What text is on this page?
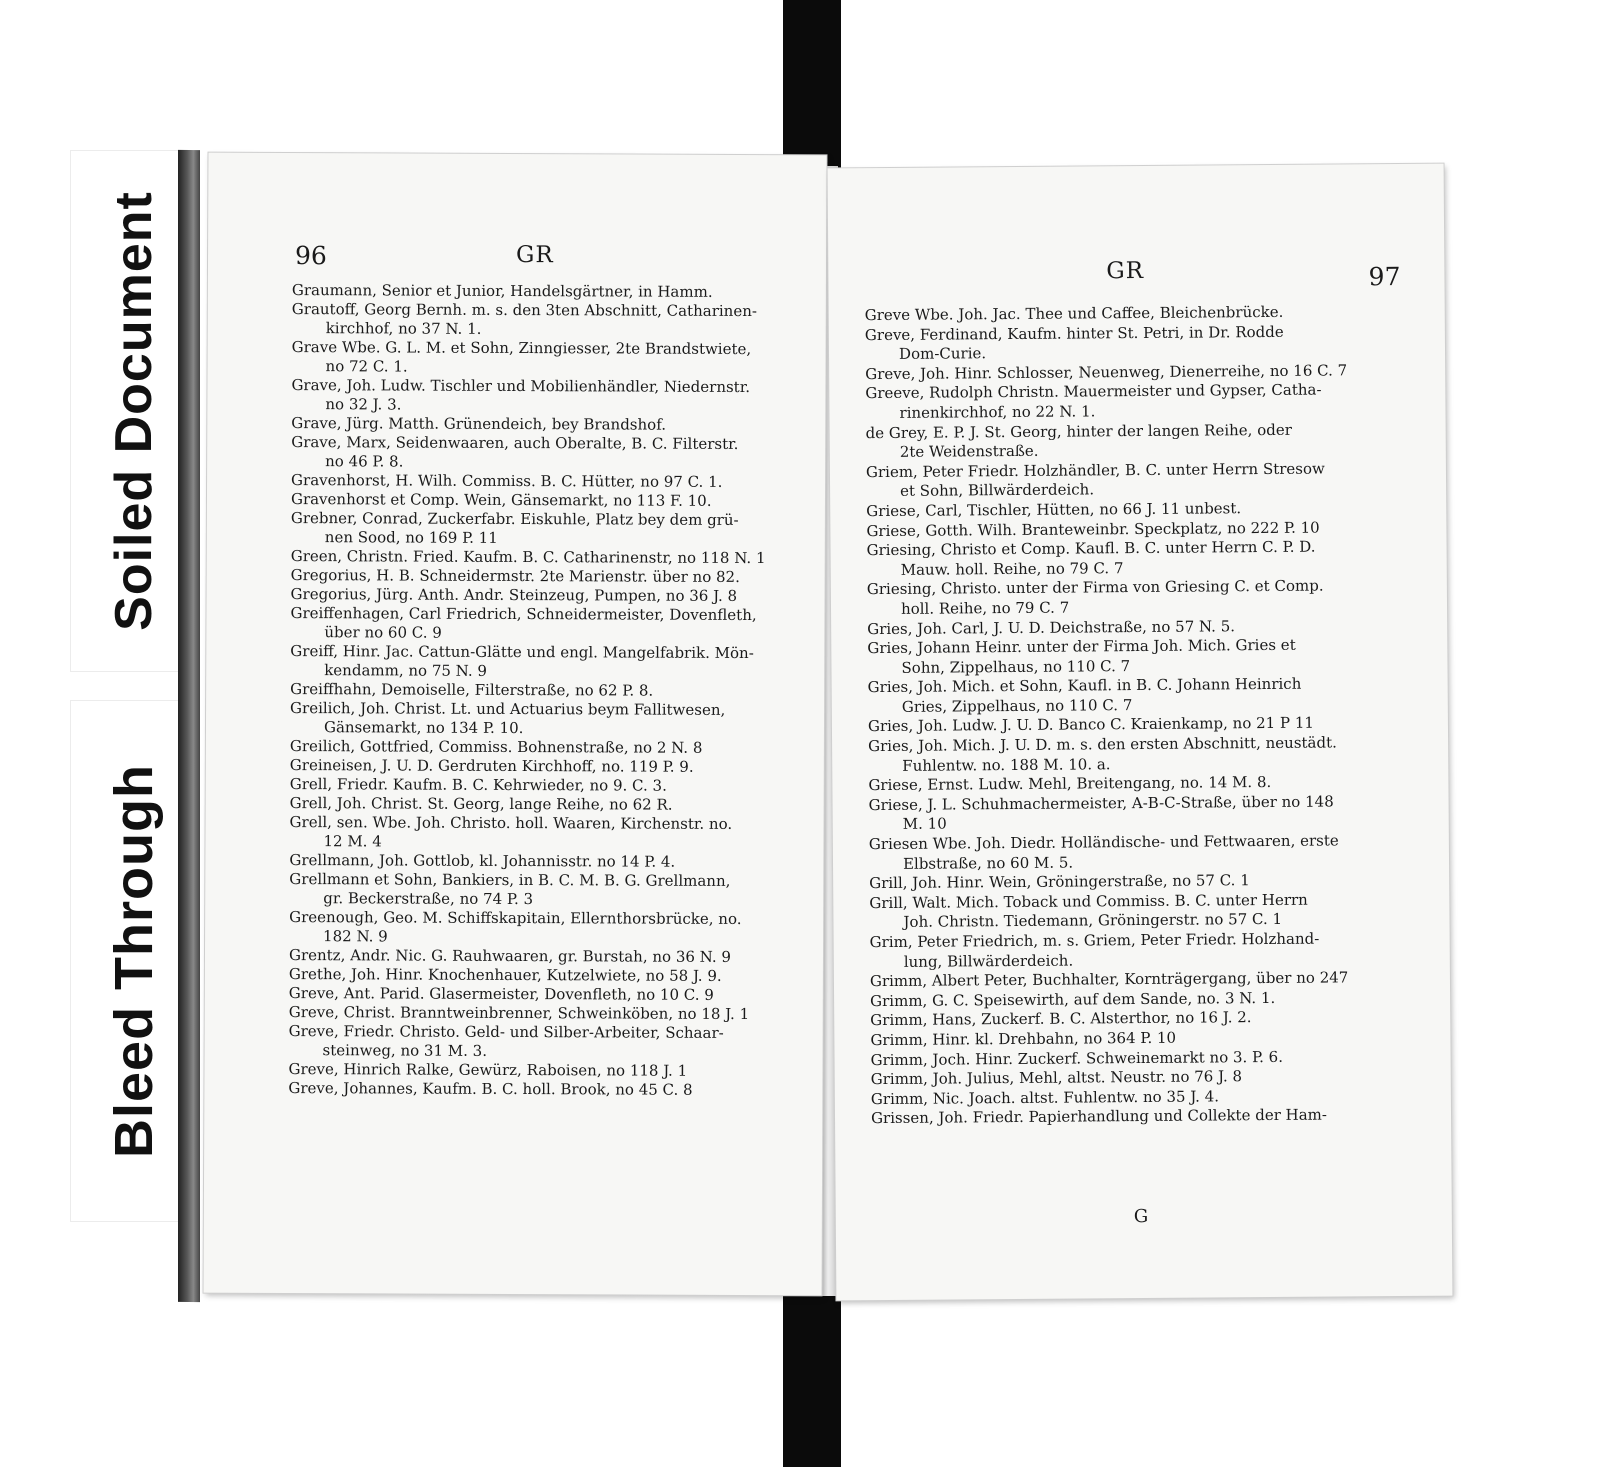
Soiled Document
Bleed Through
96	GR
Graumann, Senior et Junior, Handelsgärtner, in Hamm.
Grautoff, Georg Bernh. m. s. den 3ten Abschnitt, Catharinen-
kirchhof, no 37 N. 1.
Grave Wbe. G. L. M. et Sohn, Zinngiesser, 2te Brandstwiete,
no 72 C. 1.
Grave, Joh. Ludw. Tischler und Mobilienhändler, Niedernstr.
no 32 J. 3.
Grave, Jürg. Matth. Grünendeich, bey Brandshof.
Grave, Marx, Seidenwaaren, auch Oberalte, B. C. Filterstr.
no 46 P. 8.
Gravenhorst, H. Wilh. Commiss. B. C. Hütter, no 97 C. 1.
Gravenhorst et Comp. Wein, Gänsemarkt, no 113 F. 10.
Grebner, Conrad, Zuckerfabr. Eiskuhle, Platz bey dem grü-
nen Sood, no 169 P. 11
Green, Christn. Fried. Kaufm. B. C. Catharinenstr, no 118 N. 1
Gregorius, H. B. Schneidermstr. 2te Marienstr. über no 82.
Gregorius, Jürg. Anth. Andr. Steinzeug, Pumpen, no 36 J. 8
Greiffenhagen, Carl Friedrich, Schneidermeister, Dovenfleth,
über no 60 C. 9
Greiff, Hinr. Jac. Cattun-Glätte und engl. Mangelfabrik. Mön-
kendamm, no 75 N. 9
Greiffhahn, Demoiselle, Filterstraße, no 62 P. 8.
Greilich, Joh. Christ. Lt. und Actuarius beym Fallitwesen,
Gänsemarkt, no 134 P. 10.
Greilich, Gottfried, Commiss. Bohnenstraße, no 2 N. 8
Greineisen, J. U. D. Gerdruten Kirchhoff, no. 119 P. 9.
Grell, Friedr. Kaufm. B. C. Kehrwieder, no 9. C. 3.
Grell, Joh. Christ. St. Georg, lange Reihe, no 62 R.
Grell, sen. Wbe. Joh. Christo. holl. Waaren, Kirchenstr. no.
12 M. 4
Grellmann, Joh. Gottlob, kl. Johannisstr. no 14 P. 4.
Grellmann et Sohn, Bankiers, in B. C. M. B. G. Grellmann,
gr. Beckerstraße, no 74 P. 3
Greenough, Geo. M. Schiffskapitain, Ellernthorsbrücke, no.
182 N. 9
Grentz, Andr. Nic. G. Rauhwaaren, gr. Burstah, no 36 N. 9
Grethe, Joh. Hinr. Knochenhauer, Kutzelwiete, no 58 J. 9.
Greve, Ant. Parid. Glasermeister, Dovenfleth, no 10 C. 9
Greve, Christ. Branntweinbrenner, Schweinköben, no 18 J. 1
Greve, Friedr. Christo. Geld- und Silber-Arbeiter, Schaar-
steinweg, no 31 M. 3.
Greve, Hinrich Ralke, Gewürz, Raboisen, no 118 J. 1
Greve, Johannes, Kaufm. B. C. holl. Brook, no 45 C. 8
GR	97
Greve Wbe. Joh. Jac. Thee und Caffee, Bleichenbrücke.
Greve, Ferdinand, Kaufm. hinter St. Petri, in Dr. Rodde
Dom-Curie.
Greve, Joh. Hinr. Schlosser, Neuenweg, Dienerreihe, no 16 C. 7
Greeve, Rudolph Christn. Mauermeister und Gypser, Catha-
rinenkirchhof, no 22 N. 1.
de Grey, E. P. J. St. Georg, hinter der langen Reihe, oder
2te Weidenstraße.
Griem, Peter Friedr. Holzhändler, B. C. unter Herrn Stresow
et Sohn, Billwärderdeich.
Griese, Carl, Tischler, Hütten, no 66 J. 11 unbest.
Griese, Gotth. Wilh. Branteweinbr. Speckplatz, no 222 P. 10
Griesing, Christo et Comp. Kaufl. B. C. unter Herrn C. P. D.
Mauw. holl. Reihe, no 79 C. 7
Griesing, Christo. unter der Firma von Griesing C. et Comp.
holl. Reihe, no 79 C. 7
Gries, Joh. Carl, J. U. D. Deichstraße, no 57 N. 5.
Gries, Johann Heinr. unter der Firma Joh. Mich. Gries et
Sohn, Zippelhaus, no 110 C. 7
Gries, Joh. Mich. et Sohn, Kaufl. in B. C. Johann Heinrich
Gries, Zippelhaus, no 110 C. 7
Gries, Joh. Ludw. J. U. D. Banco C. Kraienkamp, no 21 P 11
Gries, Joh. Mich. J. U. D. m. s. den ersten Abschnitt, neustädt.
Fuhlentw. no. 188 M. 10. a.
Griese, Ernst. Ludw. Mehl, Breitengang, no. 14 M. 8.
Griese, J. L. Schuhmachermeister, A-B-C-Straße, über no 148
M. 10
Griesen Wbe. Joh. Diedr. Holländische- und Fettwaaren, erste
Elbstraße, no 60 M. 5.
Grill, Joh. Hinr. Wein, Gröningerstraße, no 57 C. 1
Grill, Walt. Mich. Toback und Commiss. B. C. unter Herrn
Joh. Christn. Tiedemann, Gröningerstr. no 57 C. 1
Grim, Peter Friedrich, m. s. Griem, Peter Friedr. Holzhand-
lung, Billwärderdeich.
Grimm, Albert Peter, Buchhalter, Kornträgergang, über no 247
Grimm, G. C. Speisewirth, auf dem Sande, no. 3 N. 1.
Grimm, Hans, Zuckerf. B. C. Alsterthor, no 16 J. 2.
Grimm, Hinr. kl. Drehbahn, no 364 P. 10
Grimm, Joch. Hinr. Zuckerf. Schweinemarkt no 3. P. 6.
Grimm, Joh. Julius, Mehl, altst. Neustr. no 76 J. 8
Grimm, Nic. Joach. altst. Fuhlentw. no 35 J. 4.
Grissen, Joh. Friedr. Papierhandlung und Collekte der Ham-
G
